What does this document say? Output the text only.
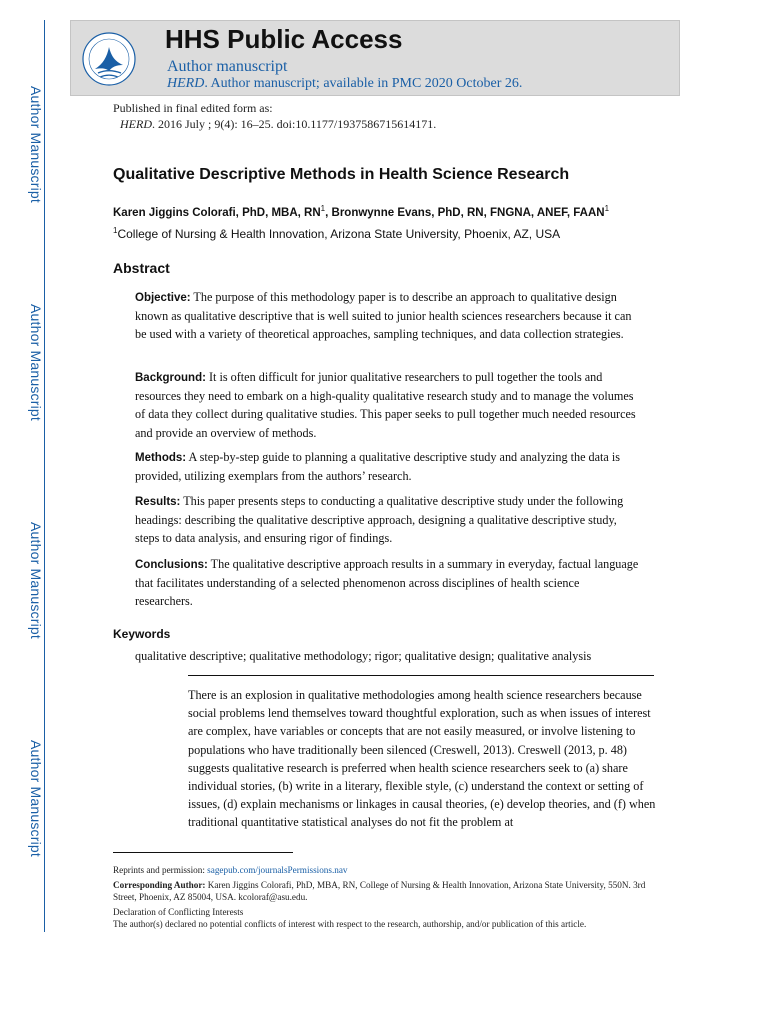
Author Manuscript
Author Manuscript
Author Manuscript
Author Manuscript
HHS Public Access
Author manuscript
HERD. Author manuscript; available in PMC 2020 October 26.
Published in final edited form as:
HERD. 2016 July ; 9(4): 16–25. doi:10.1177/1937586715614171.
Qualitative Descriptive Methods in Health Science Research
Karen Jiggins Colorafi, PhD, MBA, $RN^1$, Bronwynne Evans, PhD, RN, FNGNA, ANEF, FAAN$^1$
$^1$College of Nursing & Health Innovation, Arizona State University, Phoenix, AZ, USA
Abstract
Objective: The purpose of this methodology paper is to describe an approach to qualitative design known as qualitative descriptive that is well suited to junior health sciences researchers because it can be used with a variety of theoretical approaches, sampling techniques, and data collection strategies.
Background: It is often difficult for junior qualitative researchers to pull together the tools and resources they need to embark on a high-quality qualitative research study and to manage the volumes of data they collect during qualitative studies. This paper seeks to pull together much needed resources and provide an overview of methods.
Methods: A step-by-step guide to planning a qualitative descriptive study and analyzing the data is provided, utilizing exemplars from the authors’ research.
Results: This paper presents steps to conducting a qualitative descriptive study under the following headings: describing the qualitative descriptive approach, designing a qualitative descriptive study, steps to data analysis, and ensuring rigor of findings.
Conclusions: The qualitative descriptive approach results in a summary in everyday, factual language that facilitates understanding of a selected phenomenon across disciplines of health science researchers.
Keywords
qualitative descriptive; qualitative methodology; rigor; qualitative design; qualitative analysis
There is an explosion in qualitative methodologies among health science researchers because social problems lend themselves toward thoughtful exploration, such as when issues of interest are complex, have variables or concepts that are not easily measured, or involve listening to populations who have traditionally been silenced (Creswell, 2013). Creswell (2013, p. 48) suggests qualitative research is preferred when health science researchers seek to (a) share individual stories, (b) write in a literary, flexible style, (c) understand the context or setting of issues, (d) explain mechanisms or linkages in causal theories, (e) develop theories, and (f) when traditional quantitative statistical analyses do not fit the problem at
Reprints and permission: sagepub.com/journalsPermissions.nav
Corresponding Author: Karen Jiggins Colorafi, PhD, MBA, RN, College of Nursing & Health Innovation, Arizona State University, 550N. 3rd Street, Phoenix, AZ 85004, USA. kcoloraf@asu.edu.
Declaration of Conflicting Interests
The author(s) declared no potential conflicts of interest with respect to the research, authorship, and/or publication of this article.
